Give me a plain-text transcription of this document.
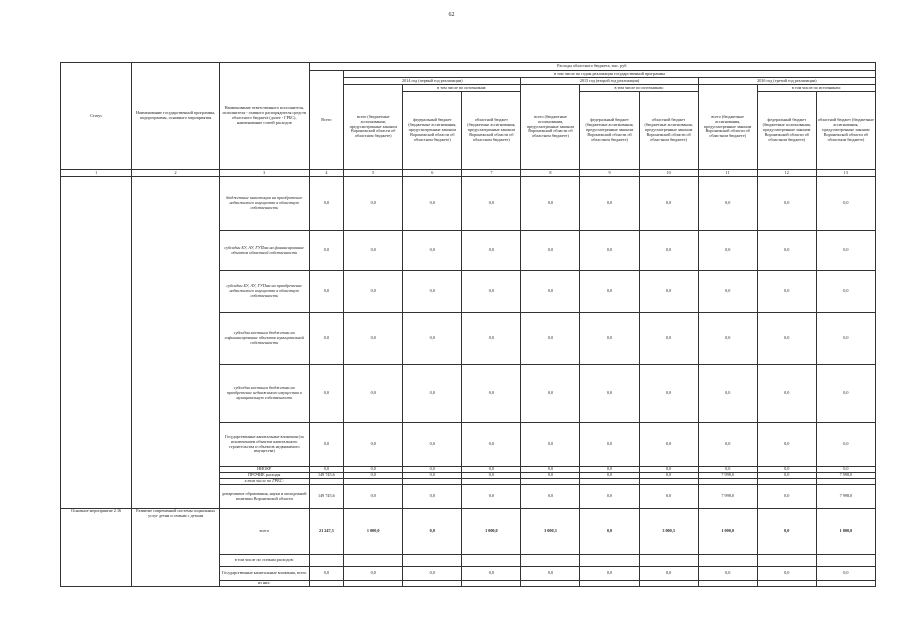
62
Статус	Наименование государственной программы, подпрограммы, основного мероприятия	Наименование ответственного исполнителя, исполнителя - главного распорядителя средств областного бюджета (далее - ГРБС), наименование статей расходов	Расходы областного бюджета, тыс. руб.									
			Всего	в том числе по годам реализации государственной программы								
				2014 год (первый год реализации)			2015 год (второй год реализации)			2016 год (третий год реализации)		
				всего (бюджетные ассигнования, предусмотренные законом Воронежской области об областном бюджете)	в том числе по источникам:		всего (бюджетные ассигнования, предусмотренные законом Воронежской области об областном бюджете)	в том числе по источникам:		всего (бюджетные ассигнования, предусмотренные законом Воронежской области об областном бюджете)	в том числе по источникам:	
					федеральный бюджет (бюджетные ассигнования, предусмотренные законом Воронежской области об областном бюджете)	областной бюджет (бюджетные ассигнования, предусмотренные законом Воронежской области об областном бюджете)		федеральный бюджет (бюджетные ассигнования, предусмотренные законом Воронежской области об областном бюджете)	областной бюджет (бюджетные ассигнования, предусмотренные законом Воронежской области об областном бюджете)		федеральный бюджет (бюджетные ассигнования, предусмотренные законом Воронежской области об областном бюджете)	областной бюджет (бюджетные ассигнования, предусмотренные законом Воронежской области об областном бюджете)
1	2	3	4	5	6	7	8	9	10	11	12	13
		бюджетные инвестиции на приобретение недвижимого имущества в областную собственность	0,0	0,0	0,0	0,0	0,0	0,0	0,0	0,0	0,0	0,0
		субсидии БУ, АУ, ГУПам на финансирование объектов областной собственности	0,0	0,0	0,0	0,0	0,0	0,0	0,0	0,0	0,0	0,0
		субсидии БУ, АУ, ГУПам на приобретение недвижимого имущества в областную собственность	0,0	0,0	0,0	0,0	0,0	0,0	0,0	0,0	0,0	0,0
		субсидии местным бюджетам на софинансирование объектов муниципальной собственности	0,0	0,0	0,0	0,0	0,0	0,0	0,0	0,0	0,0	0,0
		субсидии местным бюджетам на приобретение недвижимого имущества в муниципальную собственность	0,0	0,0	0,0	0,0	0,0	0,0	0,0	0,0	0,0	0,0
		Государственные капитальные вложения (за исключением объектов капитального строительства и объектов недвижимого имущества)	0,0	0,0	0,0	0,0	0,0	0,0	0,0	0,0	0,0	0,0
		НИОКР	0,0	0,0	0,0	0,0	0,0	0,0	0,0	0,0	0,0	0,0
		ПРОЧИЕ расходы	149 745,6	0,0	0,0	0,0	0,0	0,0	0,0	7 998,0	0,0	7 998,0
		в том числе по ГРБС:										
		департамент образования, науки и молодежной политики Воронежской области	149 745,6	0,0	0,0	0,0	0,0	0,0	0,0	7 998,0	0,0	7 998,0
Основное мероприятие 2.16	Развитие современной системы социальных услуг детям и семьям с детьми	всего	21 247,3	1 000,0	0,0	1 000,0	3 000,3	0,0	3 000,3	1 000,0	0,0	1 000,0
		в том числе по статьям расходов:										
		Государственные капитальные вложения, всего	0,0	0,0	0,0	0,0	0,0	0,0	0,0	0,0	0,0	0,0
		из них:										
